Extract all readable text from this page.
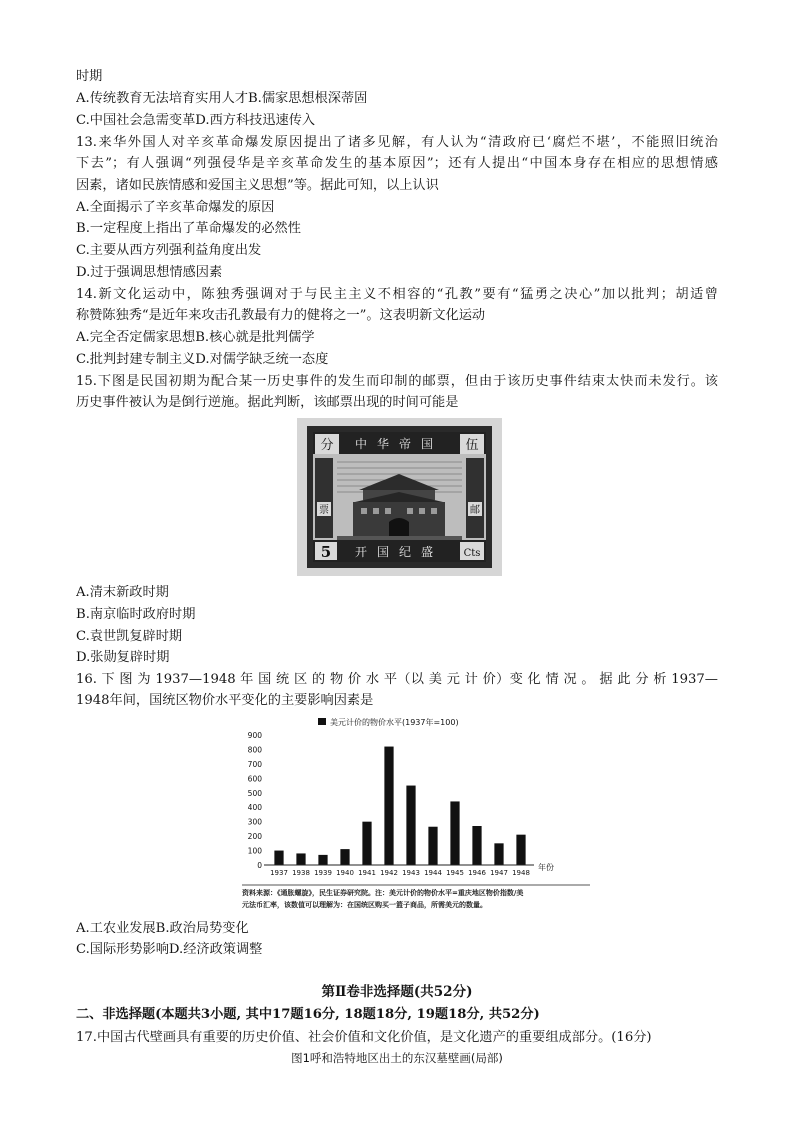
时期
A.传统教育无法培育实用人才B.儒家思想根深蒂固
C.中国社会急需变革D.西方科技迅速传入
13.来华外国人对辛亥革命爆发原因提出了诸多见解，有人认为“清政府已‘腐烂不堪’，不能照旧统治
下去”；有人强调“列强侵华是辛亥革命发生的基本原因”；还有人提出“中国本身存在相应的思想情感
因素，诸如民族情感和爱国主义思想”等。据此可知，以上认识
A.全面揭示了辛亥革命爆发的原因
B.一定程度上指出了革命爆发的必然性
C.主要从西方列强利益角度出发
D.过于强调思想情感因素
14.新文化运动中，陈独秀强调对于与民主主义不相容的“孔教”要有“猛勇之决心”加以批判；胡适曾
称赞陈独秀“是近年来攻击孔教最有力的健将之一”。这表明新文化运动
A.完全否定儒家思想B.核心就是批判儒学
C.批判封建专制主义D.对儒学缺乏统一态度
15.下图是民国初期为配合某一历史事件的发生而印制的邮票，但由于该历史事件结束太快而未发行。该
历史事件被认为是倒行逆施。据此判断，该邮票出现的时间可能是
分	伍
中华帝国
票	邮
5	Cts
开国纪盛
A.清末新政时期
B.南京临时政府时期
C.袁世凯复辟时期
D.张勋复辟时期
16. 下 图 为 1937—1948 年 国 统 区 的 物 价 水 平（以 美 元 计 价）变 化 情 况 。 据 此 分 析 1937—
1948年间，国统区物价水平变化的主要影响因素是
美元计价的物价水平(1937年=100)
0
100
200
300
400
500
600
700
800
900
1937 1938 1939 1940 1941 1942 1943 1944 1945 1946 1947 1948
年份
资料来源：《通胀螺旋》，民生证券研究院。注：美元计价的物价水平=重庆地区物价指数/美
元法币汇率，该数值可以理解为：在国统区购买一篮子商品，所需美元的数量。
A.工农业发展B.政治局势变化
C.国际形势影响D.经济政策调整
第Ⅱ卷非选择题(共52分)
二、非选择题(本题共3小题, 其中17题16分, 18题18分, 19题18分, 共52分)
17.中国古代壁画具有重要的历史价值、社会价值和文化价值，是文化遗产的重要组成部分。(16分)
图1呼和浩特地区出土的东汉墓壁画(局部)
